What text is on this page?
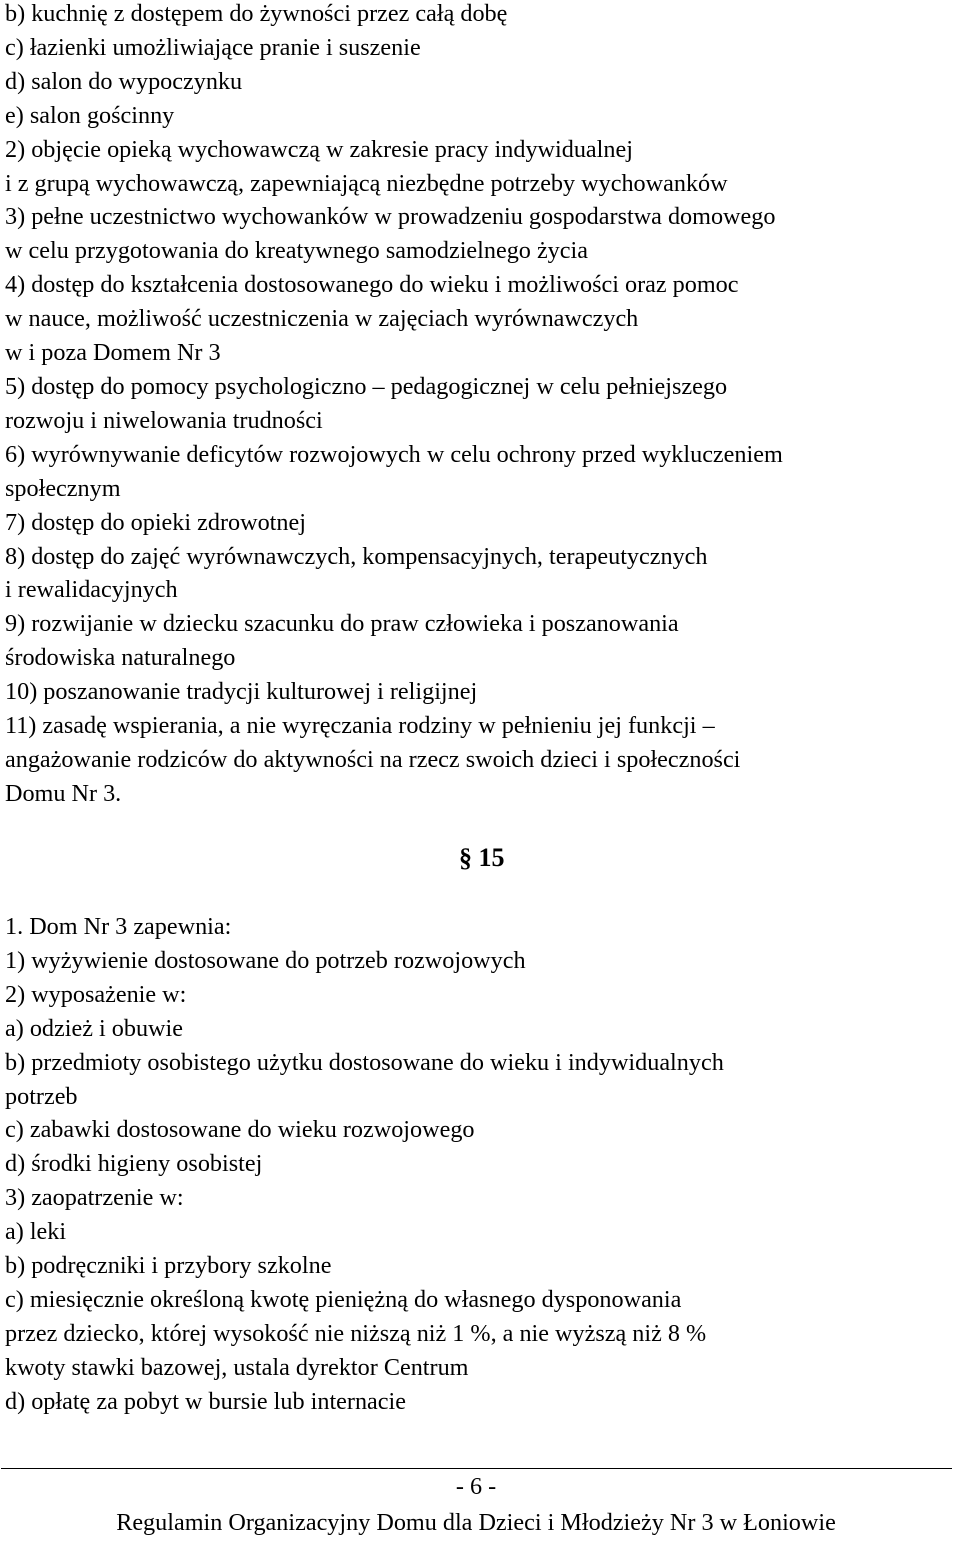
b) kuchnię z dostępem do żywności przez całą dobę
c) łazienki umożliwiające pranie i suszenie
d) salon do wypoczynku
e) salon gościnny
2) objęcie opieką wychowawczą w zakresie pracy indywidualnej
i z grupą wychowawczą, zapewniającą niezbędne potrzeby wychowanków
3) pełne uczestnictwo wychowanków w prowadzeniu gospodarstwa domowego
w celu przygotowania do kreatywnego samodzielnego życia
4) dostęp do kształcenia dostosowanego do wieku i możliwości oraz pomoc
w nauce, możliwość uczestniczenia w zajęciach wyrównawczych
w i poza Domem Nr 3
5) dostęp do pomocy psychologiczno – pedagogicznej w celu pełniejszego
rozwoju i niwelowania trudności
6) wyrównywanie deficytów rozwojowych w celu ochrony przed wykluczeniem
społecznym
7) dostęp do opieki zdrowotnej
8) dostęp do zajęć wyrównawczych, kompensacyjnych, terapeutycznych
i rewalidacyjnych
9) rozwijanie w dziecku szacunku do praw człowieka i poszanowania
środowiska naturalnego
10) poszanowanie tradycji kulturowej i religijnej
11) zasadę wspierania, a nie wyręczania rodziny w pełnieniu jej funkcji –
angażowanie rodziców do aktywności na rzecz swoich dzieci i społeczności
Domu Nr 3.
§ 15
1. Dom Nr 3 zapewnia:
1) wyżywienie dostosowane do potrzeb rozwojowych
2) wyposażenie w:
a) odzież i obuwie
b) przedmioty osobistego użytku dostosowane do wieku i indywidualnych
potrzeb
c) zabawki dostosowane do wieku rozwojowego
d) środki higieny osobistej
3) zaopatrzenie w:
a) leki
b) podręczniki i przybory szkolne
c) miesięcznie określoną kwotę pieniężną do własnego dysponowania
przez dziecko, której wysokość nie niższą niż 1 %, a nie wyższą niż 8 %
kwoty stawki bazowej, ustala dyrektor Centrum
d) opłatę za pobyt w bursie lub internacie
- 6 -
Regulamin Organizacyjny Domu dla Dzieci i Młodzieży Nr 3 w Łoniowie
